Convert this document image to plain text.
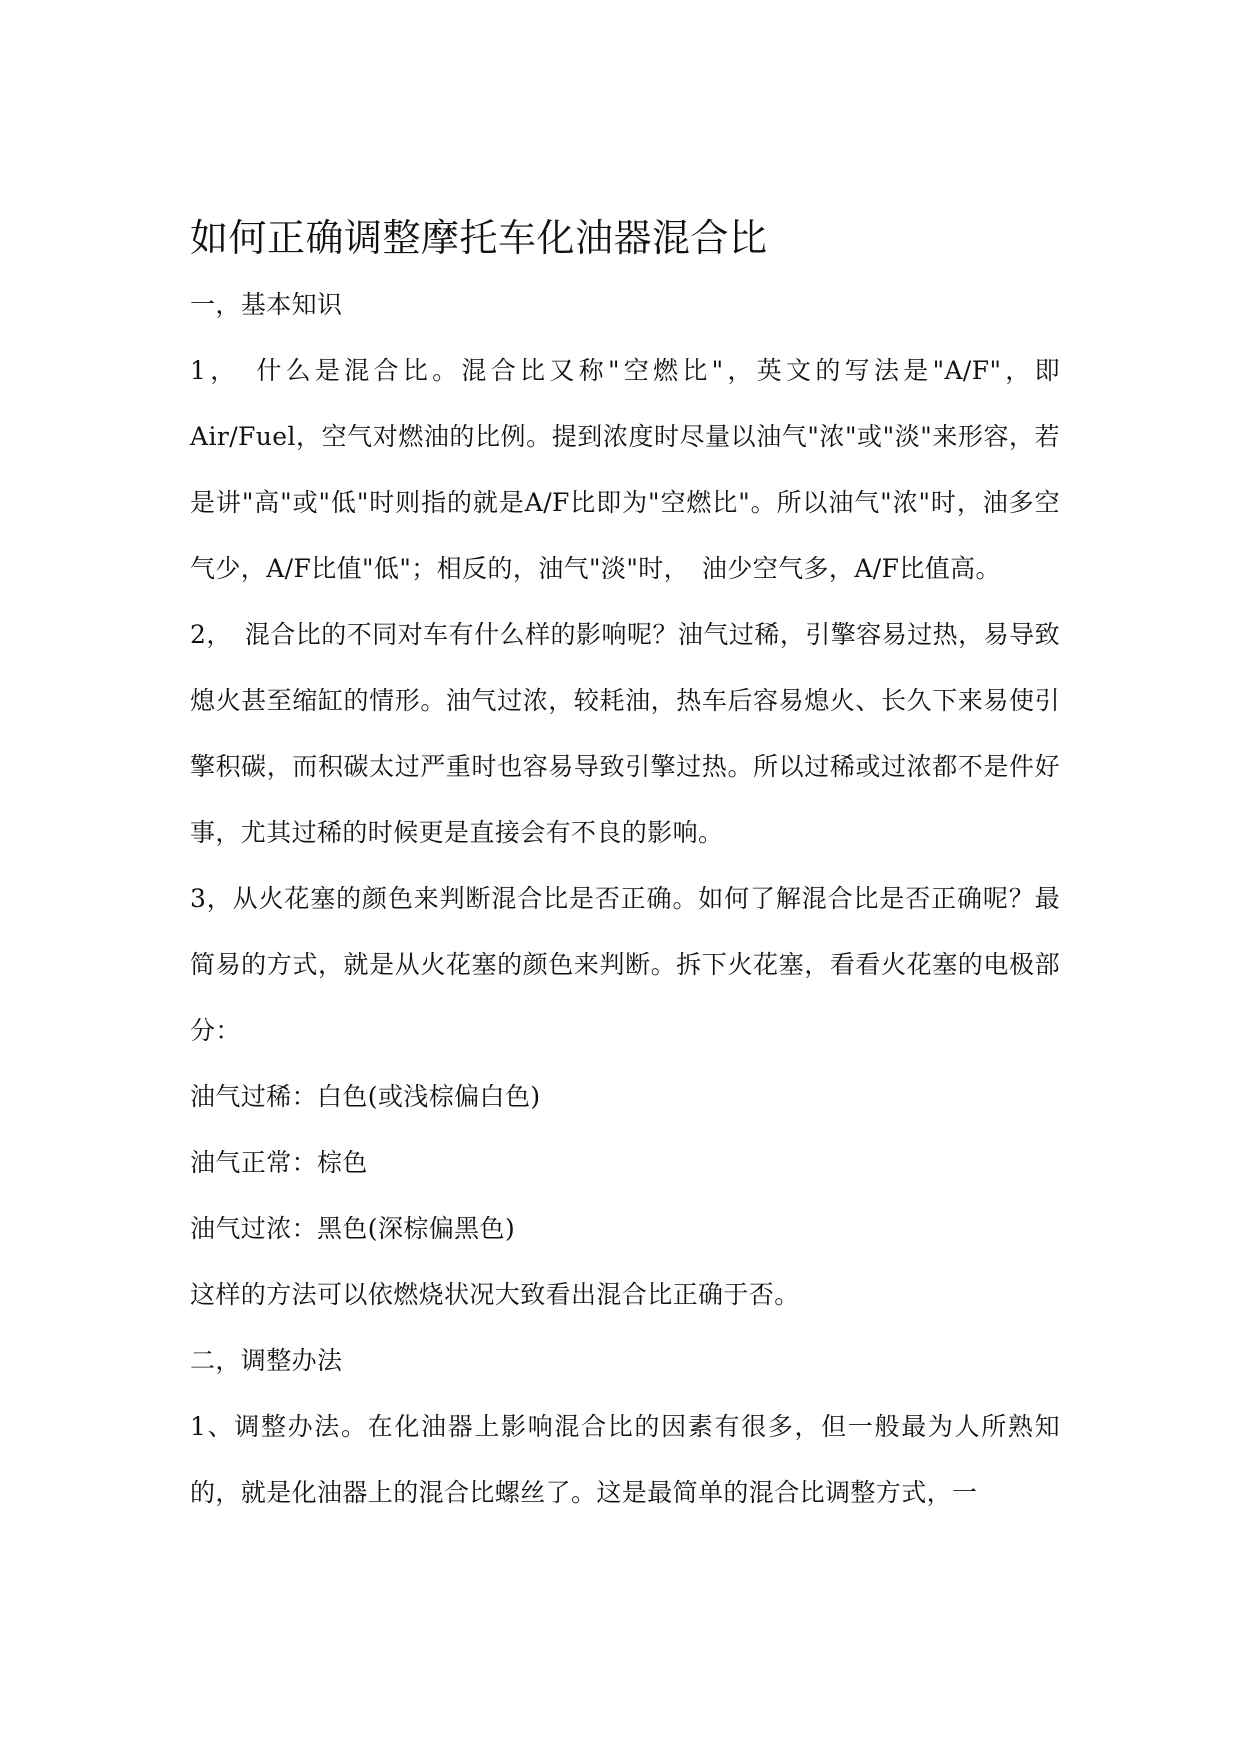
如何正确调整摩托车化油器混合比

一，基本知识

1，　什么是混合比。混合比又称"空燃比"，英文的写法是"A/F"，即Air/Fuel，空气对燃油的比例。提到浓度时尽量以油气"浓"或"淡"来形容，若是讲"高"或"低"时则指的就是A/F比即为"空燃比"。所以油气"浓"时，油多空气少，A/F比值"低"；相反的，油气"淡"时，　油少空气多，A/F比值高。

2，　混合比的不同对车有什么样的影响呢？油气过稀，引擎容易过热，易导致熄火甚至缩缸的情形。油气过浓，较耗油，热车后容易熄火、长久下来易使引擎积碳，而积碳太过严重时也容易导致引擎过热。所以过稀或过浓都不是件好事，尤其过稀的时候更是直接会有不良的影响。

3，从火花塞的颜色来判断混合比是否正确。如何了解混合比是否正确呢？最简易的方式，就是从火花塞的颜色来判断。拆下火花塞，看看火花塞的电极部分：

油气过稀：白色(或浅棕偏白色)

油气正常：棕色

油气过浓：黑色(深棕偏黑色)

这样的方法可以依燃烧状况大致看出混合比正确于否。

二，调整办法

1、调整办法。在化油器上影响混合比的因素有很多，但一般最为人所熟知的，就是化油器上的混合比螺丝了。这是最简单的混合比调整方式，一
